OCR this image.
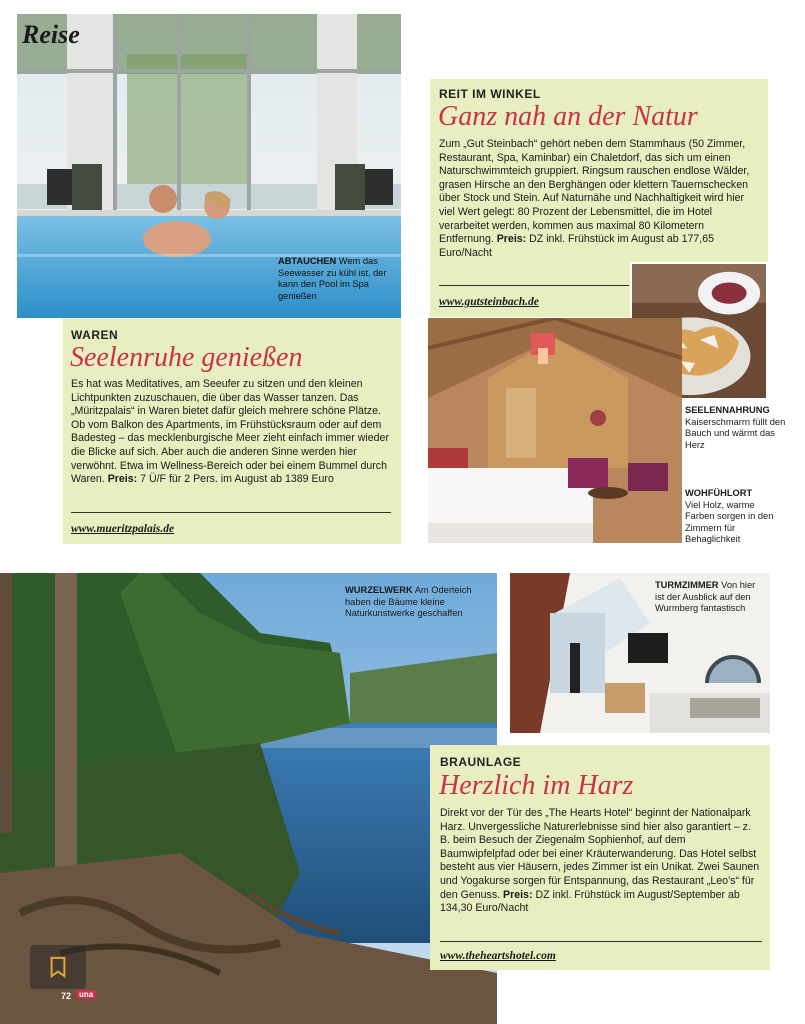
Reise
ABTAUCHEN Wem das Seewasser zu kühl ist, der kann den Pool im Spa genießen
WAREN
Seelenruhe genießen
Es hat was Meditatives, am Seeufer zu sitzen und den kleinen Lichtpunkten zuzuschauen, die über das Wasser tanzen. Das „Müritzpalais“ in Waren bietet dafür gleich mehrere schöne Plätze. Ob vom Balkon des Apartments, im Frühstücksraum oder auf dem Badesteg – das mecklenburgische Meer zieht einfach immer wieder die Blicke auf sich. Aber auch die anderen Sinne werden hier verwöhnt. Etwa im Wellness-Bereich oder bei einem Bummel durch Waren. Preis: 7 Ü/F für 2 Pers. im August ab 1389 Euro
www.mueritzpalais.de
REIT IM WINKEL
Ganz nah an der Natur
Zum „Gut Steinbach“ gehört neben dem Stammhaus (50 Zimmer, Restaurant, Spa, Kaminbar) ein Chaletdorf, das sich um einen Naturschwimmteich gruppiert. Ringsum rauschen endlose Wälder, grasen Hirsche an den Berghängen oder klettern Tauernschecken über Stock und Stein. Auf Naturnähe und Nachhaltigkeit wird hier viel Wert gelegt: 80 Prozent der Lebensmittel, die im Hotel verarbeitet werden, kommen aus maximal 80 Kilometern Entfernung. Preis: DZ inkl. Frühstück im August ab 177,65 Euro/Nacht
www.gutsteinbach.de
SEELENNAHRUNG
Kaiserschmarrn füllt den Bauch und wärmt das Herz
WOHFÜHLORT
Viel Holz, warme Farben sorgen in den Zimmern für Behaglichkeit
WURZELWERK Am Oderteich haben die Bäume kleine Naturkunstwerke geschaffen
TURMZIMMER Von hier ist der Ausblick auf den Wurmberg fantastisch
BRAUNLAGE
Herzlich im Harz
Direkt vor der Tür des „The Hearts Hotel“ beginnt der Nationalpark Harz. Unvergessliche Naturerlebnisse sind hier also garantiert – z. B. beim Besuch der Ziegenalm Sophienhof, auf dem Baumwipfelpfad oder bei einer Kräuterwanderung. Das Hotel selbst besteht aus vier Häusern, jedes Zimmer ist ein Unikat. Zwei Saunen und Yogakurse sorgen für Entspannung, das Restaurant „Leo’s“ für den Genuss. Preis: DZ inkl. Frühstück im August/September ab 134,30 Euro/Nacht
www.theheartshotel.com
72 una
